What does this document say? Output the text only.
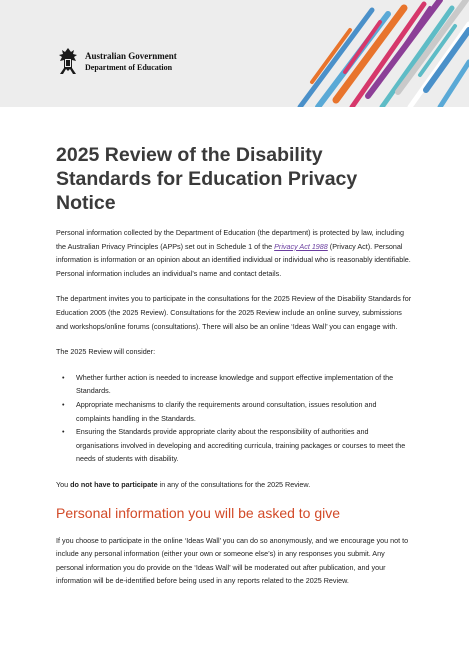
Australian Government
Department of Education
2025 Review of the Disability Standards for Education Privacy Notice

Personal information collected by the Department of Education (the department) is protected by law, including the Australian Privacy Principles (APPs) set out in Schedule 1 of the Privacy Act 1988 (Privacy Act). Personal information is information or an opinion about an identified individual or individual who is reasonably identifiable. Personal information includes an individual’s name and contact details.

The department invites you to participate in the consultations for the 2025 Review of the Disability Standards for Education 2005 (the 2025 Review). Consultations for the 2025 Review include an online survey, submissions and workshops/online forums (consultations). There will also be an online ‘Ideas Wall’ you can engage with.

The 2025 Review will consider:

• Whether further action is needed to increase knowledge and support effective implementation of the Standards.

• Appropriate mechanisms to clarify the requirements around consultation, issues resolution and complaints handling in the Standards.

• Ensuring the Standards provide appropriate clarity about the responsibility of authorities and organisations involved in developing and accrediting curricula, training packages or courses to meet the needs of students with disability.

You do not have to participate in any of the consultations for the 2025 Review.

Personal information you will be asked to give

If you choose to participate in the online ‘Ideas Wall’ you can do so anonymously, and we encourage you not to include any personal information (either your own or someone else’s) in any responses you submit. Any personal information you do provide on the ‘Ideas Wall’ will be moderated out after publication, and your information will be de-identified before being used in any reports related to the 2025 Review.
